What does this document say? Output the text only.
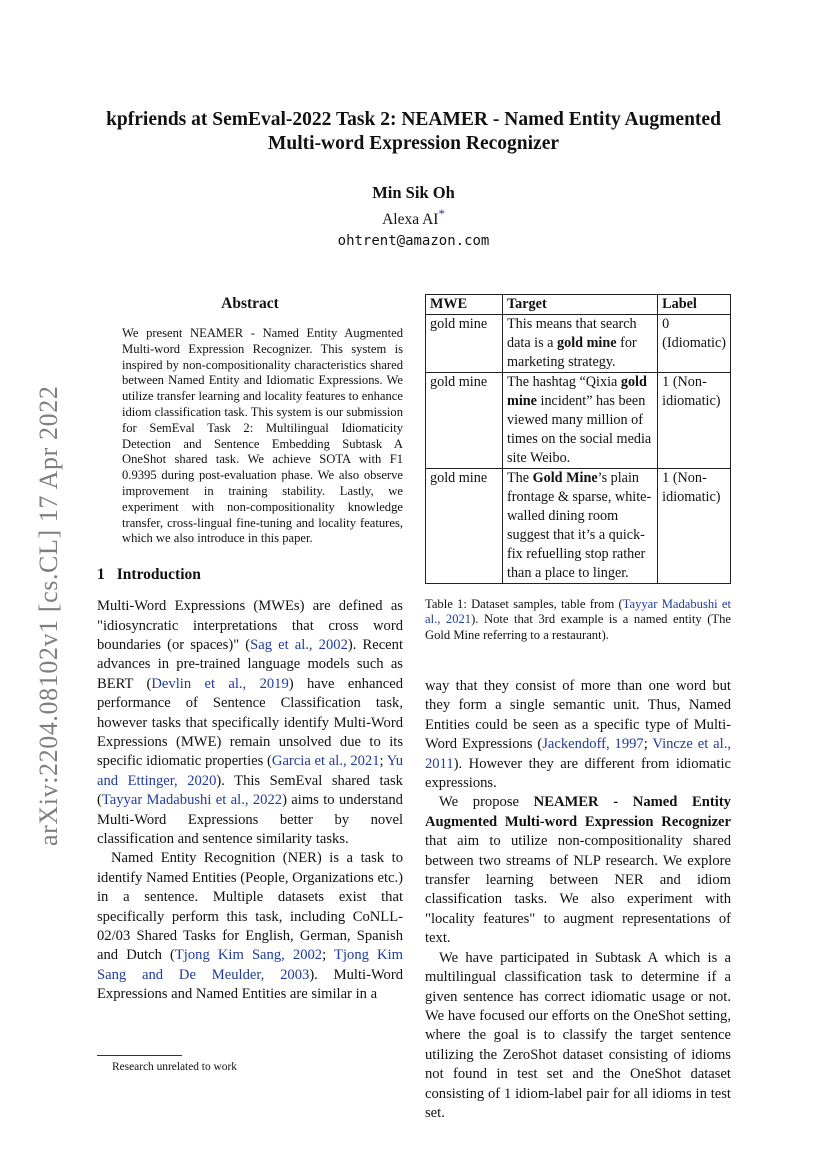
arXiv:2204.08102v1 [cs.CL] 17 Apr 2022
kpfriends at SemEval-2022 Task 2: NEAMER - Named Entity Augmented
Multi-word Expression Recognizer
Min Sik Oh
Alexa AI*
ohtrent@amazon.com
Abstract

We present NEAMER - Named Entity Augmented Multi-word Expression Recognizer. This system is inspired by non-compositionality characteristics shared between Named Entity and Idiomatic Expressions. We utilize transfer learning and locality features to enhance idiom classification task. This system is our submission for SemEval Task 2: Multilingual Idiomaticity Detection and Sentence Embedding Subtask A OneShot shared task. We achieve SOTA with F1 0.9395 during post-evaluation phase. We also observe improvement in training stability. Lastly, we experiment with non-compositionality knowledge transfer, cross-lingual fine-tuning and locality features, which we also introduce in this paper.

1 Introduction

Multi-Word Expressions (MWEs) are defined as "idiosyncratic interpretations that cross word boundaries (or spaces)" (Sag et al., 2002). Recent advances in pre-trained language models such as BERT (Devlin et al., 2019) have enhanced performance of Sentence Classification task, however tasks that specifically identify Multi-Word Expressions (MWE) remain unsolved due to its specific idiomatic properties (Garcia et al., 2021; Yu and Ettinger, 2020). This SemEval shared task (Tayyar Madabushi et al., 2022) aims to understand Multi-Word Expressions better by novel classification and sentence similarity tasks.

Named Entity Recognition (NER) is a task to identify Named Entities (People, Organizations etc.) in a sentence. Multiple datasets exist that specifically perform this task, including CoNLL-02/03 Shared Tasks for English, German, Spanish and Dutch (Tjong Kim Sang, 2002; Tjong Kim Sang and De Meulder, 2003). Multi-Word Expressions and Named Entities are similar in a

Research unrelated to work
MWE	Target	Label
gold mine	This means that search data is a gold mine for marketing strategy.	0 (Idiomatic)
gold mine	The hashtag “Qixia gold mine incident” has been viewed many million of times on the social media site Weibo.	1 (Non-idiomatic)
gold mine	The Gold Mine’s plain frontage & sparse, white-walled dining room suggest that it’s a quick-fix refuelling stop rather than a place to linger.	1 (Non-idiomatic)
Table 1: Dataset samples, table from (Tayyar Madabushi et al., 2021). Note that 3rd example is a named entity (The Gold Mine referring to a restaurant).

way that they consist of more than one word but they form a single semantic unit. Thus, Named Entities could be seen as a specific type of Multi-Word Expressions (Jackendoff, 1997; Vincze et al., 2011). However they are different from idiomatic expressions.

We propose NEAMER - Named Entity Augmented Multi-word Expression Recognizer that aim to utilize non-compositionality shared between two streams of NLP research. We explore transfer learning between NER and idiom classification tasks. We also experiment with "locality features" to augment representations of text.

We have participated in Subtask A which is a multilingual classification task to determine if a given sentence has correct idiomatic usage or not. We have focused our efforts on the OneShot setting, where the goal is to classify the target sentence utilizing the ZeroShot dataset consisting of idioms not found in test set and the OneShot dataset consisting of 1 idiom-label pair for all idioms in test set.
